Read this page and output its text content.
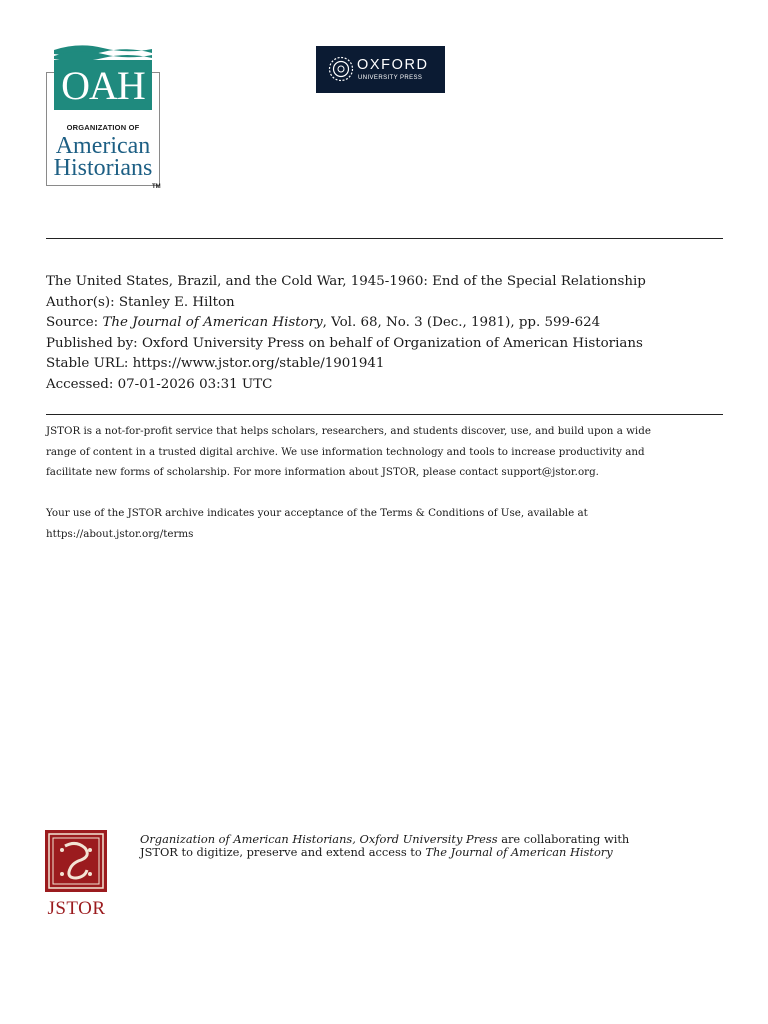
OAH
ORGANIZATION OF
American
Historians
TM
OXFORD
UNIVERSITY PRESS
The United States, Brazil, and the Cold War, 1945-1960: End of the Special Relationship
Author(s): Stanley E. Hilton
Source: The Journal of American History, Vol. 68, No. 3 (Dec., 1981), pp. 599-624
Published by: Oxford University Press on behalf of Organization of American Historians
Stable URL: https://www.jstor.org/stable/1901941
Accessed: 07-01-2026 03:31 UTC
JSTOR is a not-for-profit service that helps scholars, researchers, and students discover, use, and build upon a wide
range of content in a trusted digital archive. We use information technology and tools to increase productivity and
facilitate new forms of scholarship. For more information about JSTOR, please contact support@jstor.org.
Your use of the JSTOR archive indicates your acceptance of the Terms & Conditions of Use, available at
https://about.jstor.org/terms
JSTOR
Organization of American Historians, Oxford University Press are collaborating with
JSTOR to digitize, preserve and extend access to The Journal of American History
